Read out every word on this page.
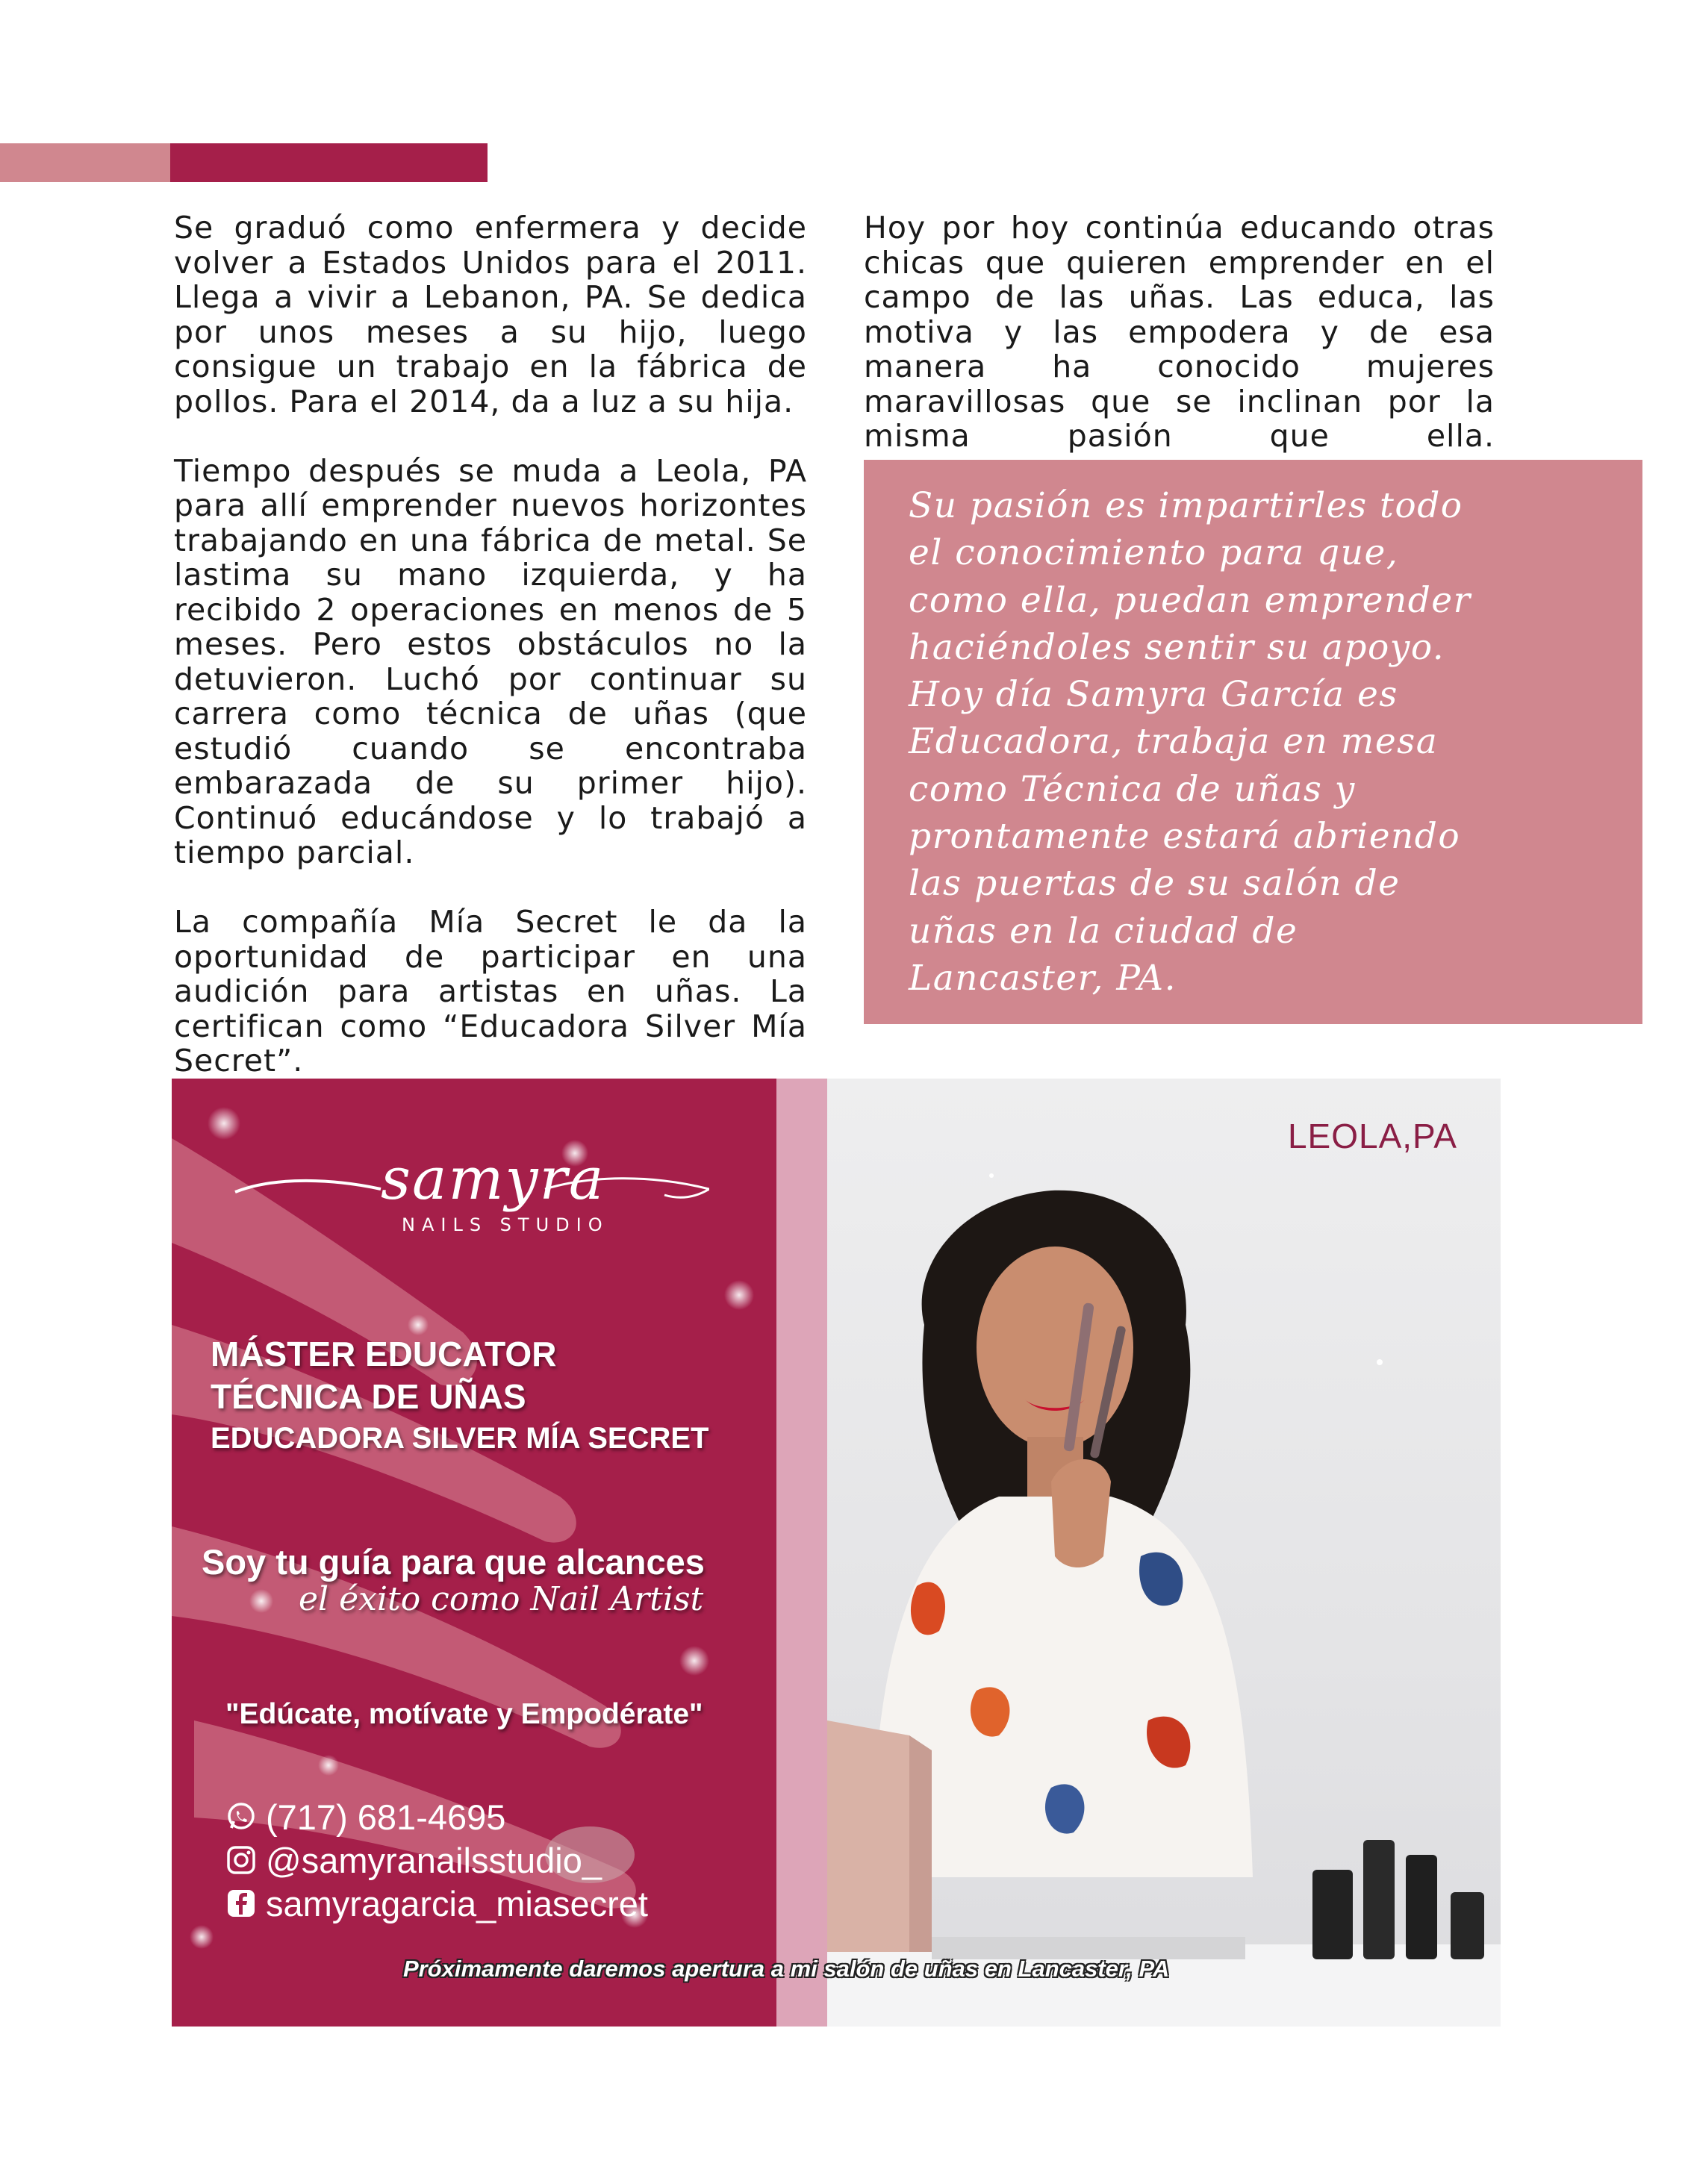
Se graduó como enfermera y decide volver a Estados Unidos para el 2011. Llega a vivir a Lebanon, PA. Se dedica por unos meses a su hijo, luego consigue un trabajo en la fábrica de pollos. Para el 2014, da a luz a su hija.

Tiempo después se muda a Leola, PA para allí emprender nuevos horizontes trabajando en una fábrica de metal. Se lastima su mano izquierda, y ha recibido 2 operaciones en menos de 5 meses. Pero estos obstáculos no la detuvieron. Luchó por continuar su carrera como técnica de uñas (que estudió cuando se encontraba embarazada de su primer hijo). Continuó educándose y lo trabajó a tiempo parcial.

La compañía Mía Secret le da la oportunidad de participar en una audición para artistas en uñas. La certifican como “Educadora Silver Mía Secret”.

Hoy por hoy continúa educando otras chicas que quieren emprender en el campo de las uñas. Las educa, las motiva y las empodera y de esa manera ha conocido mujeres maravillosas que se inclinan por la misma pasión que ella.

Su pasión es impartirles todo el conocimiento para que, como ella, puedan emprender haciéndoles sentir su apoyo. Hoy día Samyra García es Educadora, trabaja en mesa como Técnica de uñas y prontamente estará abriendo las puertas de su salón de uñas en la ciudad de Lancaster, PA.

samyra
NAILS STUDIO
MÁSTER EDUCATOR
TÉCNICA DE UÑAS
EDUCADORA SILVER MÍA SECRET
Soy tu guía para que alcances
el éxito como Nail Artist
"Edúcate, motívate y Empodérate"
(717) 681-4695
@samyranailsstudio_
samyragarcia_miasecret
LEOLA,PA
Próximamente daremos apertura a mi salón de uñas en Lancaster, PA
